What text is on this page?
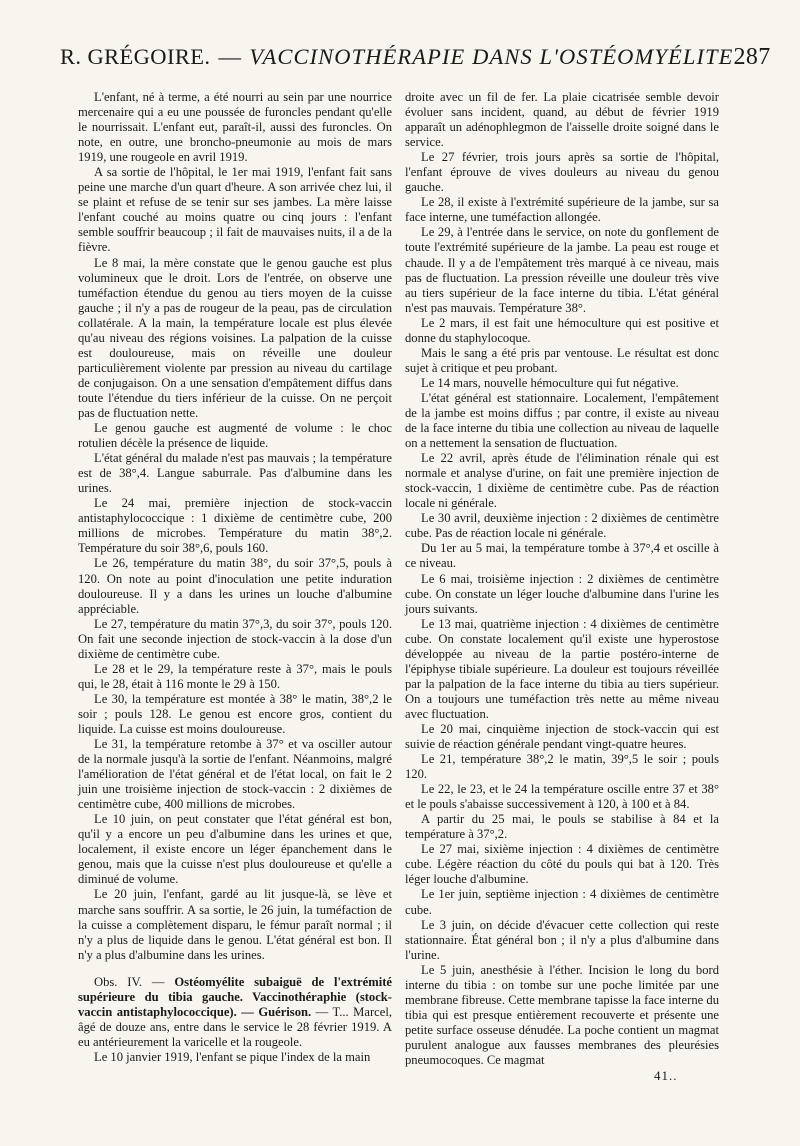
R. GRÉGOIRE. — VACCINOTHÉRAPIE DANS L'OSTÉOMYÉLITE 287

L'enfant, né à terme, a été nourri au sein par une nourrice mercenaire qui a eu une poussée de furoncles pendant qu'elle le nourrissait. L'enfant eut, paraît-il, aussi des furoncles. On note, en outre, une broncho-pneumonie au mois de mars 1919, une rougeole en avril 1919.

A sa sortie de l'hôpital, le 1er mai 1919, l'enfant fait sans peine une marche d'un quart d'heure. A son arrivée chez lui, il se plaint et refuse de se tenir sur ses jambes. La mère laisse l'enfant couché au moins quatre ou cinq jours : l'enfant semble souffrir beaucoup ; il fait de mauvaises nuits, il a de la fièvre.

Le 8 mai, la mère constate que le genou gauche est plus volumineux que le droit. Lors de l'entrée, on observe une tuméfaction étendue du genou au tiers moyen de la cuisse gauche ; il n'y a pas de rougeur de la peau, pas de circulation collatérale. A la main, la température locale est plus élevée qu'au niveau des régions voisines. La palpation de la cuisse est douloureuse, mais on réveille une douleur particulièrement violente par pression au niveau du cartilage de conjugaison. On a une sensation d'empâtement diffus dans toute l'étendue du tiers inférieur de la cuisse. On ne perçoit pas de fluctuation nette.

Le genou gauche est augmenté de volume : le choc rotulien décèle la présence de liquide.

L'état général du malade n'est pas mauvais ; la température est de 38°,4. Langue saburrale. Pas d'albumine dans les urines.

Le 24 mai, première injection de stock-vaccin antistaphylococcique : 1 dixième de centimètre cube, 200 millions de microbes. Température du matin 38°,2. Température du soir 38°,6, pouls 160.

Le 26, température du matin 38°, du soir 37°,5, pouls à 120. On note au point d'inoculation une petite induration douloureuse. Il y a dans les urines un louche d'albumine appréciable.

Le 27, température du matin 37°,3, du soir 37°, pouls 120. On fait une seconde injection de stock-vaccin à la dose d'un dixième de centimètre cube.

Le 28 et le 29, la température reste à 37°, mais le pouls qui, le 28, était à 116 monte le 29 à 150.

Le 30, la température est montée à 38° le matin, 38°,2 le soir ; pouls 128. Le genou est encore gros, contient du liquide. La cuisse est moins douloureuse.

Le 31, la température retombe à 37° et va osciller autour de la normale jusqu'à la sortie de l'enfant. Néanmoins, malgré l'amélioration de l'état général et de l'état local, on fait le 2 juin une troisième injection de stock-vaccin : 2 dixièmes de centimètre cube, 400 millions de microbes.

Le 10 juin, on peut constater que l'état général est bon, qu'il y a encore un peu d'albumine dans les urines et que, localement, il existe encore un léger épanchement dans le genou, mais que la cuisse n'est plus douloureuse et qu'elle a diminué de volume.

Le 20 juin, l'enfant, gardé au lit jusque-là, se lève et marche sans souffrir. A sa sortie, le 26 juin, la tuméfaction de la cuisse a complètement disparu, le fémur paraît normal ; il n'y a plus de liquide dans le genou. L'état général est bon. Il n'y a plus d'albumine dans les urines.

Obs. IV. — Ostéomyélite subaiguë de l'extrémité supérieure du tibia gauche. Vaccinothéraphie (stock-vaccin antistaphylococcique). — Guérison. — T... Marcel, âgé de douze ans, entre dans le service le 28 février 1919. A eu antérieurement la varicelle et la rougeole.

Le 10 janvier 1919, l'enfant se pique l'index de la main

droite avec un fil de fer. La plaie cicatrisée semble devoir évoluer sans incident, quand, au début de février 1919 apparaît un adénophlegmon de l'aisselle droite soigné dans le service.

Le 27 février, trois jours après sa sortie de l'hôpital, l'enfant éprouve de vives douleurs au niveau du genou gauche.

Le 28, il existe à l'extrémité supérieure de la jambe, sur sa face interne, une tuméfaction allongée.

Le 29, à l'entrée dans le service, on note du gonflement de toute l'extrémité supérieure de la jambe. La peau est rouge et chaude. Il y a de l'empâtement très marqué à ce niveau, mais pas de fluctuation. La pression réveille une douleur très vive au tiers supérieur de la face interne du tibia. L'état général n'est pas mauvais. Température 38°.

Le 2 mars, il est fait une hémoculture qui est positive et donne du staphylocoque.

Mais le sang a été pris par ventouse. Le résultat est donc sujet à critique et peu probant.

Le 14 mars, nouvelle hémoculture qui fut négative.

L'état général est stationnaire. Localement, l'empâtement de la jambe est moins diffus ; par contre, il existe au niveau de la face interne du tibia une collection au niveau de laquelle on a nettement la sensation de fluctuation.

Le 22 avril, après étude de l'élimination rénale qui est normale et analyse d'urine, on fait une première injection de stock-vaccin, 1 dixième de centimètre cube. Pas de réaction locale ni générale.

Le 30 avril, deuxième injection : 2 dixièmes de centimètre cube. Pas de réaction locale ni générale.

Du 1er au 5 mai, la température tombe à 37°,4 et oscille à ce niveau.

Le 6 mai, troisième injection : 2 dixièmes de centimètre cube. On constate un léger louche d'albumine dans l'urine les jours suivants.

Le 13 mai, quatrième injection : 4 dixièmes de centimètre cube. On constate localement qu'il existe une hyperostose développée au niveau de la partie postéro-interne de l'épiphyse tibiale supérieure. La douleur est toujours réveillée par la palpation de la face interne du tibia au tiers supérieur. On a toujours une tuméfaction très nette au même niveau avec fluctuation.

Le 20 mai, cinquième injection de stock-vaccin qui est suivie de réaction générale pendant vingt-quatre heures.

Le 21, température 38°,2 le matin, 39°,5 le soir ; pouls 120.

Le 22, le 23, et le 24 la température oscille entre 37 et 38° et le pouls s'abaisse successivement à 120, à 100 et à 84.

A partir du 25 mai, le pouls se stabilise à 84 et la température à 37°,2.

Le 27 mai, sixième injection : 4 dixièmes de centimètre cube. Légère réaction du côté du pouls qui bat à 120. Très léger louche d'albumine.

Le 1er juin, septième injection : 4 dixièmes de centimètre cube.

Le 3 juin, on décide d'évacuer cette collection qui reste stationnaire. État général bon ; il n'y a plus d'albumine dans l'urine.

Le 5 juin, anesthésie à l'éther. Incision le long du bord interne du tibia : on tombe sur une poche limitée par une membrane fibreuse. Cette membrane tapisse la face interne du tibia qui est presque entièrement recouverte et présente une petite surface osseuse dénudée. La poche contient un magmat purulent analogue aux fausses membranes des pleurésies pneumocoques. Ce magmat

41..
